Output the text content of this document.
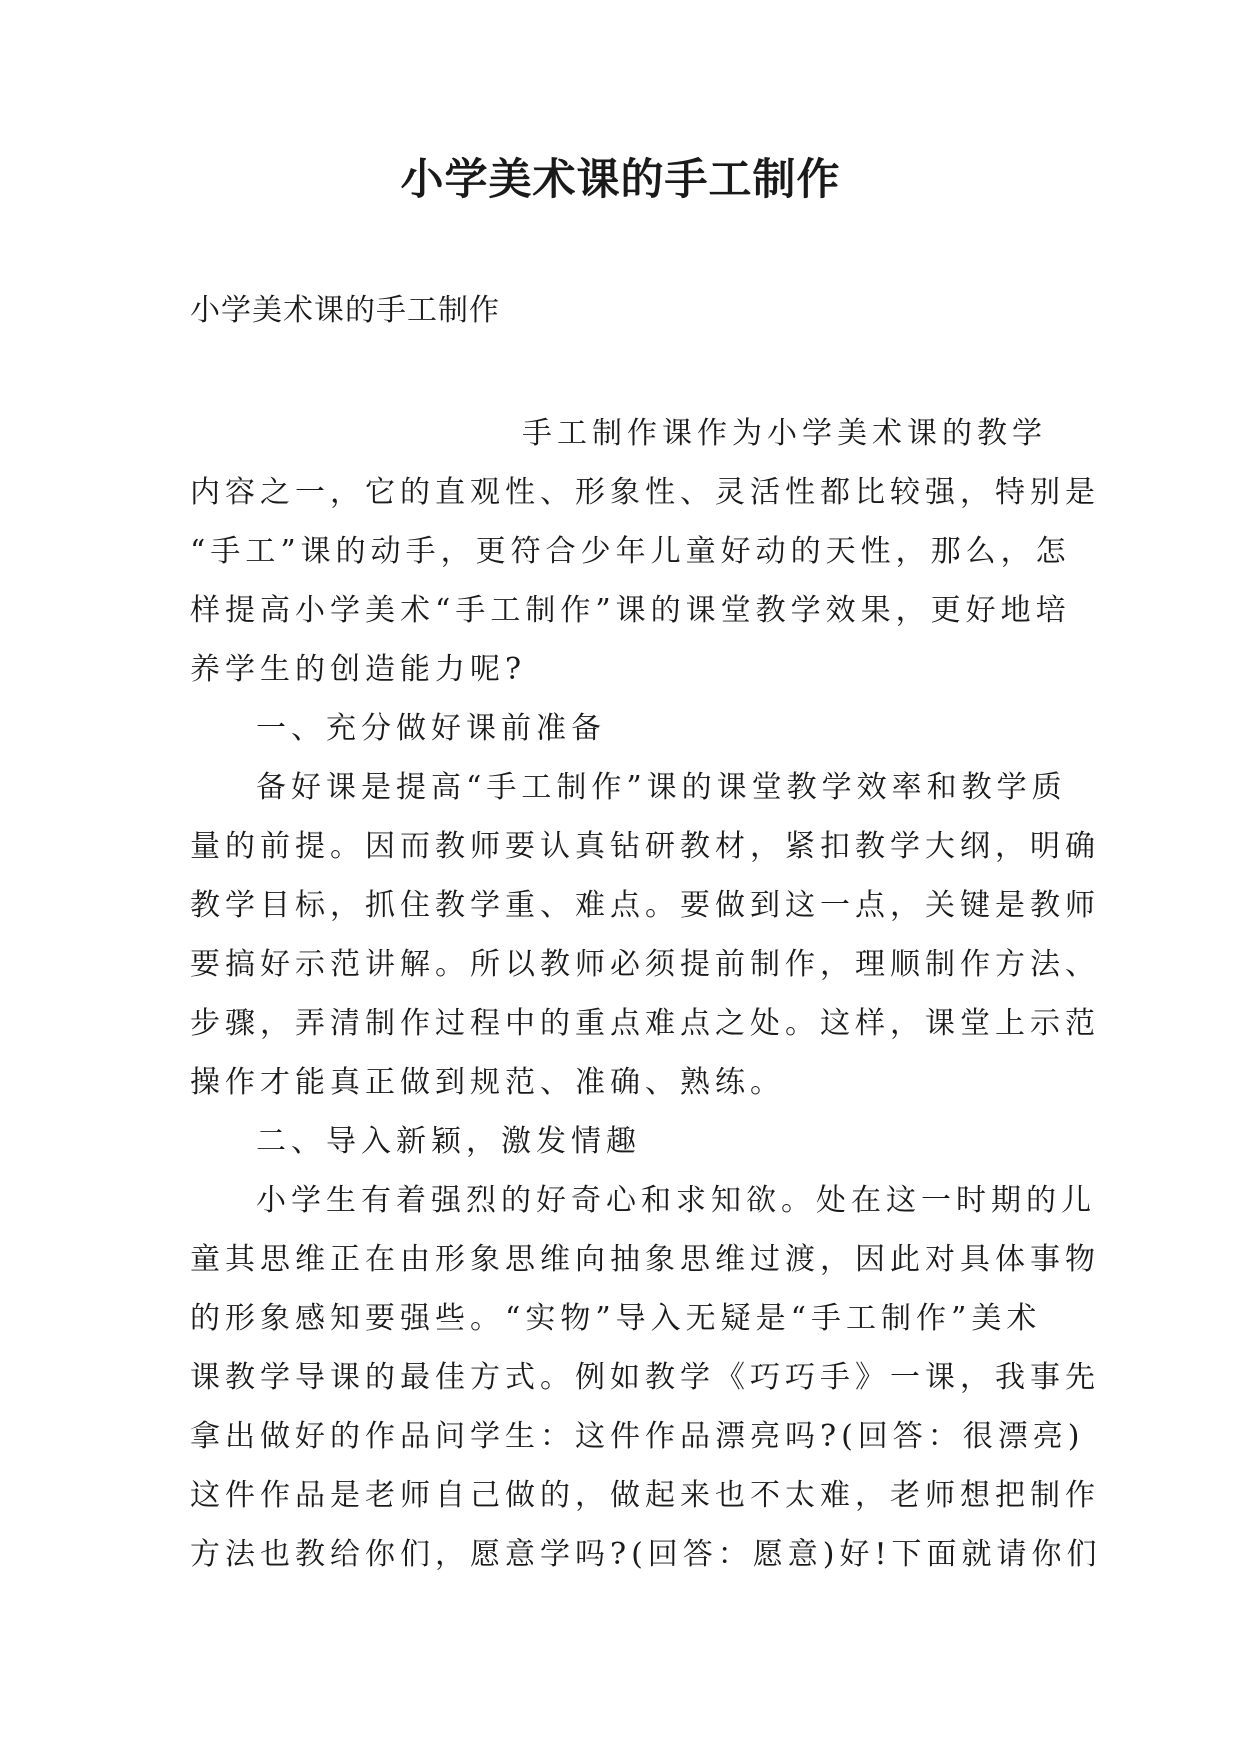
小学美术课的手工制作

小学美术课的手工制作

手工制作课作为小学美术课的教学

内容之一，它的直观性、形象性、灵活性都比较强，特别是

“手工”课的动手，更符合少年儿童好动的天性，那么，怎

样提高小学美术“手工制作”课的课堂教学效果，更好地培

养学生的创造能力呢?

一、充分做好课前准备

备好课是提高“手工制作”课的课堂教学效率和教学质

量的前提。因而教师要认真钻研教材，紧扣教学大纲，明确

教学目标，抓住教学重、难点。要做到这一点，关键是教师

要搞好示范讲解。所以教师必须提前制作，理顺制作方法、

步骤，弄清制作过程中的重点难点之处。这样，课堂上示范

操作才能真正做到规范、准确、熟练。

二、导入新颖，激发情趣

小学生有着强烈的好奇心和求知欲。处在这一时期的儿

童其思维正在由形象思维向抽象思维过渡，因此对具体事物

的形象感知要强些。“实物”导入无疑是“手工制作”美术

课教学导课的最佳方式。例如教学《巧巧手》一课，我事先

拿出做好的作品问学生：这件作品漂亮吗?(回答：很漂亮)

这件作品是老师自己做的，做起来也不太难，老师想把制作

方法也教给你们，愿意学吗?(回答：愿意)好!下面就请你们
